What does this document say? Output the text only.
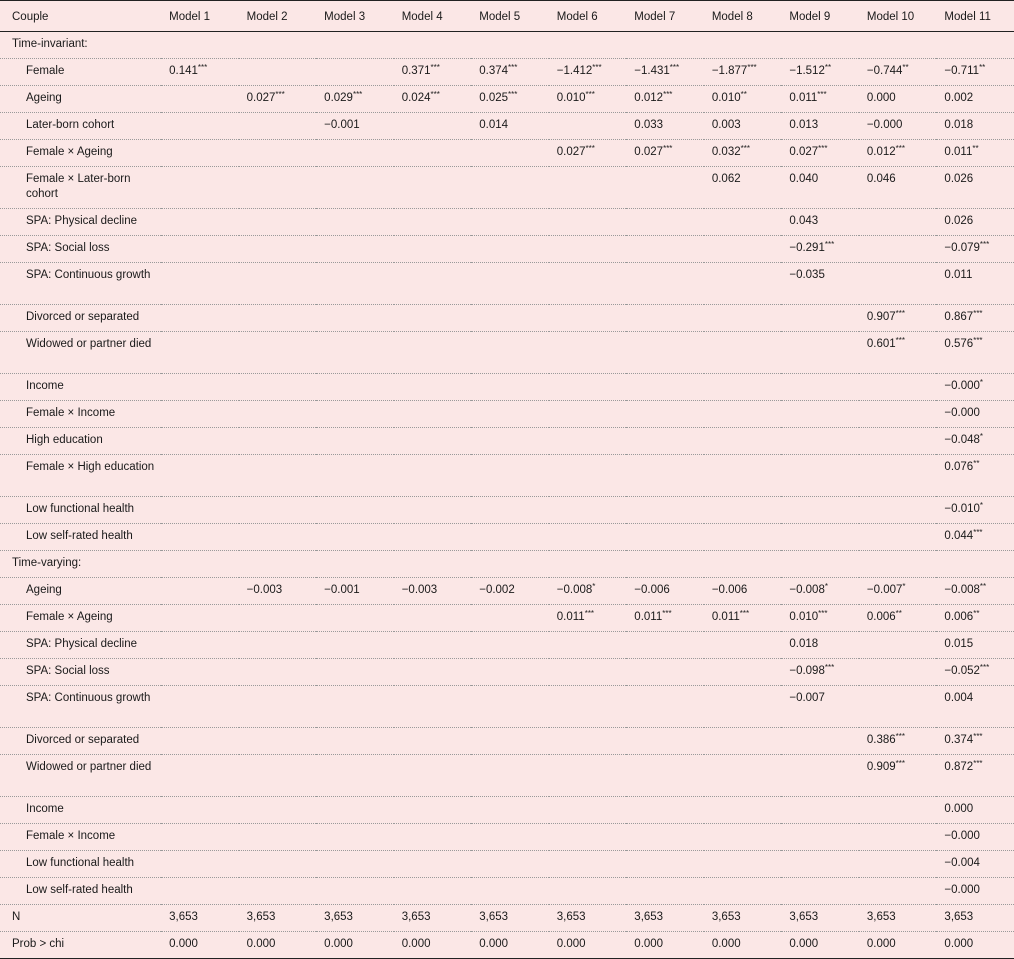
Couple	Model 1	Model 2	Model 3	Model 4	Model 5	Model 6	Model 7	Model 8	Model 9	Model 10	Model 11
Time-invariant:											
Female	0.141***			0.371***	0.374***	−1.412***	−1.431***	−1.877***	−1.512**	−0.744**	−0.711**
Ageing		0.027***	0.029***	0.024***	0.025***	0.010***	0.012***	0.010**	0.011***	0.000	0.002
Later-born cohort			−0.001		0.014		0.033	0.003	0.013	−0.000	0.018
Female × Ageing						0.027***	0.027***	0.032***	0.027***	0.012***	0.011**
Female × Later-born cohort								0.062	0.040	0.046	0.026
SPA: Physical decline									0.043		0.026
SPA: Social loss									−0.291***		−0.079***
SPA: Continuous growth									−0.035		0.011
Divorced or separated										0.907***	0.867***
Widowed or partner died										0.601***	0.576***
Income											−0.000*
Female × Income											−0.000
High education											−0.048*
Female × High education											0.076**
Low functional health											−0.010*
Low self-rated health											0.044***
Time-varying:											
Ageing		−0.003	−0.001	−0.003	−0.002	−0.008*	−0.006	−0.006	−0.008*	−0.007*	−0.008**
Female × Ageing						0.011***	0.011***	0.011***	0.010***	0.006**	0.006**
SPA: Physical decline									0.018		0.015
SPA: Social loss									−0.098***		−0.052***
SPA: Continuous growth									−0.007		0.004
Divorced or separated										0.386***	0.374***
Widowed or partner died										0.909***	0.872***
Income											0.000
Female × Income											−0.000
Low functional health											−0.004
Low self-rated health											−0.000
N	3,653	3,653	3,653	3,653	3,653	3,653	3,653	3,653	3,653	3,653	3,653
Prob > chi	0.000	0.000	0.000	0.000	0.000	0.000	0.000	0.000	0.000	0.000	0.000
